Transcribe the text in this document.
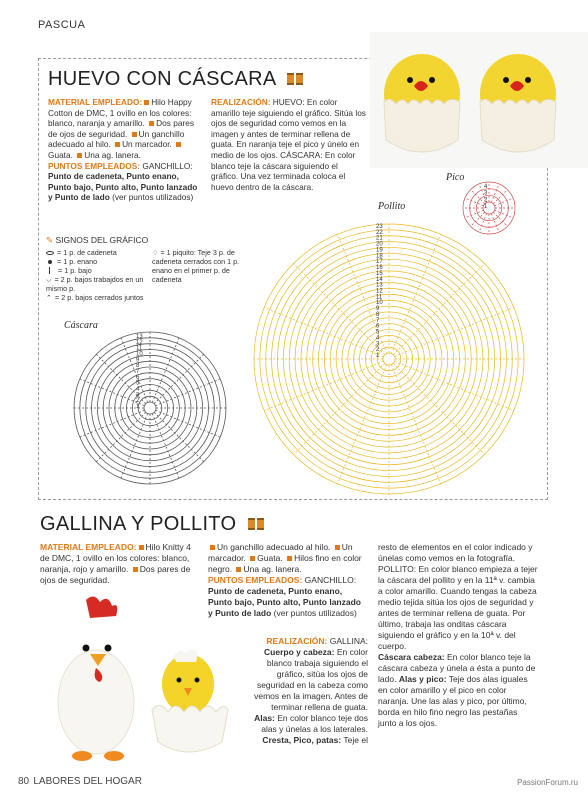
PASCUA
HUEVO CON CÁSCARA
MATERIAL EMPLEADO: Hilo Happy Cotton de DMC, 1 ovillo en los colores: blanco, naranja y amarillo. Dos pares de ojos de seguridad. Un ganchillo adecuado al hilo. Un marcador. Guata. Una ag. lanera.
PUNTOS EMPLEADOS: GANCHILLO: Punto de cadeneta, Punto enano, Punto bajo, Punto alto, Punto lanzado y Punto de lado (ver puntos utilizados)
REALIZACIÓN: HUEVO: En color amarillo teje siguiendo el gráfico. Sitúa los ojos de seguridad como vemos en la imagen y antes de terminar rellena de guata. En naranja teje el pico y únelo en medio de los ojos. CÁSCARA: En color blanco teje la cáscara siguiendo el gráfico. Una vez terminada coloca el huevo dentro de la cáscara.
✎ SIGNOS DEL GRÁFICO
= 1 p. de cadeneta
= 1 p. enano
= 1 p. bajo
⌵ = 2 p. bajos trabajdos en un mismo p.
⌃ = 2 p. bajos cerrados juntos
♢ = 1 piquito: Teje 3 p. de cadeneta cerrados con 1 p. enano en el primer p. de cadeneta
Cáscara
13
12
11
10
9
8
7
6
5
4
3
2
1
Pollito
23
22
21
20
19
18
17
16
15
14
13
12
11
10
9
8
7
6
5
4
3
2
1
Pico
4
3
2
1
GALLINA Y POLLITO
MATERIAL EMPLEADO: Hilo Knitty 4 de DMC, 1 ovillo en los colores: blanco, naranja, rojo y amarillo. Dos pares de ojos de seguridad.
Un ganchillo adecuado al hilo. Un marcador. Guata. Hilos fino en color negro. Una ag. lanera.
PUNTOS EMPLEADOS: GANCHILLO: Punto de cadeneta, Punto enano, Punto bajo, Punto alto, Punto lanzado y Punto de lado (ver puntos utilizados)
REALIZACIÓN: GALLINA: Cuerpo y cabeza: En color blanco trabaja siguiendo el gráfico, sitúa los ojos de seguridad en la cabeza como vemos en la imagen. Antes de terminar rellena de guata. Alas: En color blanco teje dos alas y únelas a los laterales. Cresta, Pico, patas: Teje el
resto de elementos en el color indicado y únelas como vemos en la fotografía.
POLLITO: En color blanco empieza a tejer la cáscara del pollito y en la 11ª v. cambia a color amarillo. Cuando tengas la cabeza medio tejida sitúa los ojos de seguridad y antes de terminar rellena de guata. Por último, trabaja las onditas cáscara siguiendo el gráfico y en la 10ª v. del cuerpo.
Cáscara cabeza: En color blanco teje la cáscara cabeza y únela a ésta a punto de lado. Alas y pico: Teje dos alas iguales en color amarillo y el pico en color naranja. Une las alas y pico, por último, borda en hilo fino negro las pestañas junto a los ojos.
80 LABORES DEL HOGAR	PassionForum.ru
